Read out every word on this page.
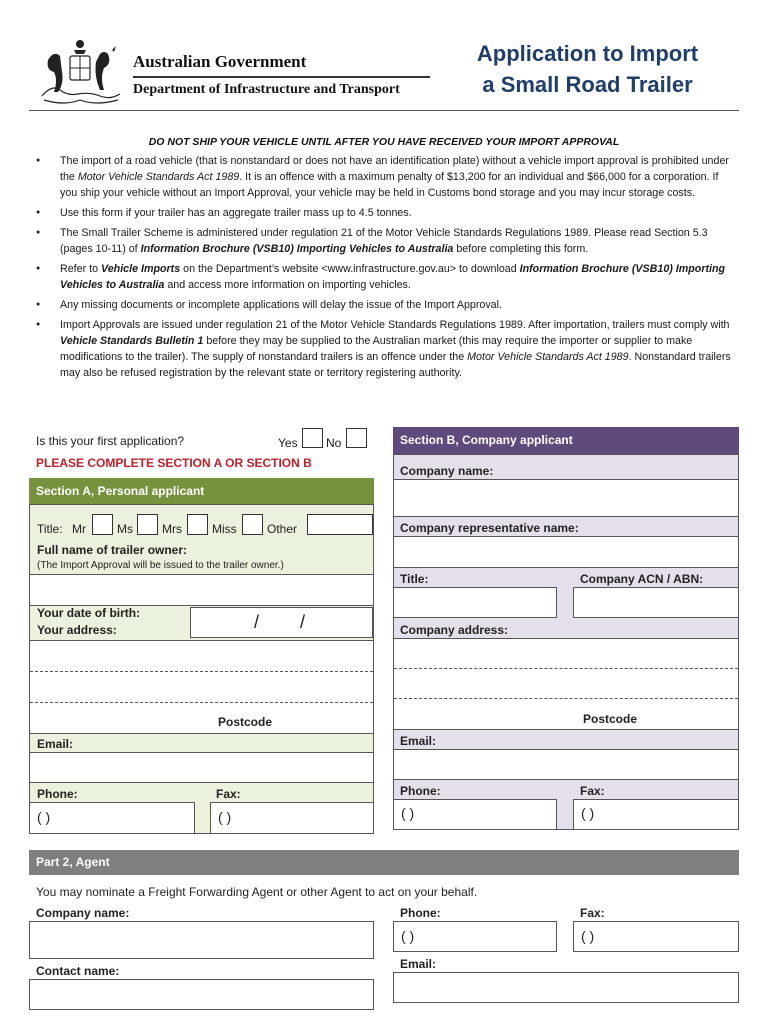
Australian Government
Department of Infrastructure and Transport
Application to Import
a Small Road Trailer
DO NOT SHIP YOUR VEHICLE UNTIL AFTER YOU HAVE RECEIVED YOUR IMPORT APPROVAL
● The import of a road vehicle (that is nonstandard or does not have an identification plate) without a vehicle import approval is prohibited under the Motor Vehicle Standards Act 1989. It is an offence with a maximum penalty of $13,200 for an individual and $66,000 for a corporation. If you ship your vehicle without an Import Approval, your vehicle may be held in Customs bond storage and you may incur storage costs.
● Use this form if your trailer has an aggregate trailer mass up to 4.5 tonnes.
● The Small Trailer Scheme is administered under regulation 21 of the Motor Vehicle Standards Regulations 1989. Please read Section 5.3 (pages 10-11) of Information Brochure (VSB10) Importing Vehicles to Australia before completing this form.
● Refer to Vehicle Imports on the Department’s website <www.infrastructure.gov.au> to download Information Brochure (VSB10) Importing Vehicles to Australia and access more information on importing vehicles.
● Any missing documents or incomplete applications will delay the issue of the Import Approval.
● Import Approvals are issued under regulation 21 of the Motor Vehicle Standards Regulations 1989. After importation, trailers must comply with Vehicle Standards Bulletin 1 before they may be supplied to the Australian market (this may require the importer or supplier to make modifications to the trailer). The supply of nonstandard trailers is an offence under the Motor Vehicle Standards Act 1989. Nonstandard trailers may also be refused registration by the relevant state or territory registering authority.
Is this your first application?	Yes No
PLEASE COMPLETE SECTION A OR SECTION B
Section A, Personal applicant
Title: Mr	Ms Mrs	Miss	Other
Full name of trailer owner:
(The Import Approval will be issued to the trailer owner.)
Your date of birth:	/ /
Your address:
Postcode
Email:
Phone:	Fax:
( )	( )
Section B, Company applicant
Company name:
Company representative name:
Title:	Company ACN / ABN:
Company address:
Postcode
Email:
Phone:	Fax:
( )	( )
Part 2, Agent
You may nominate a Freight Forwarding Agent or other Agent to act on your behalf.
Company name:
Contact name:
Phone:	Fax:
( )	( )
Email:
